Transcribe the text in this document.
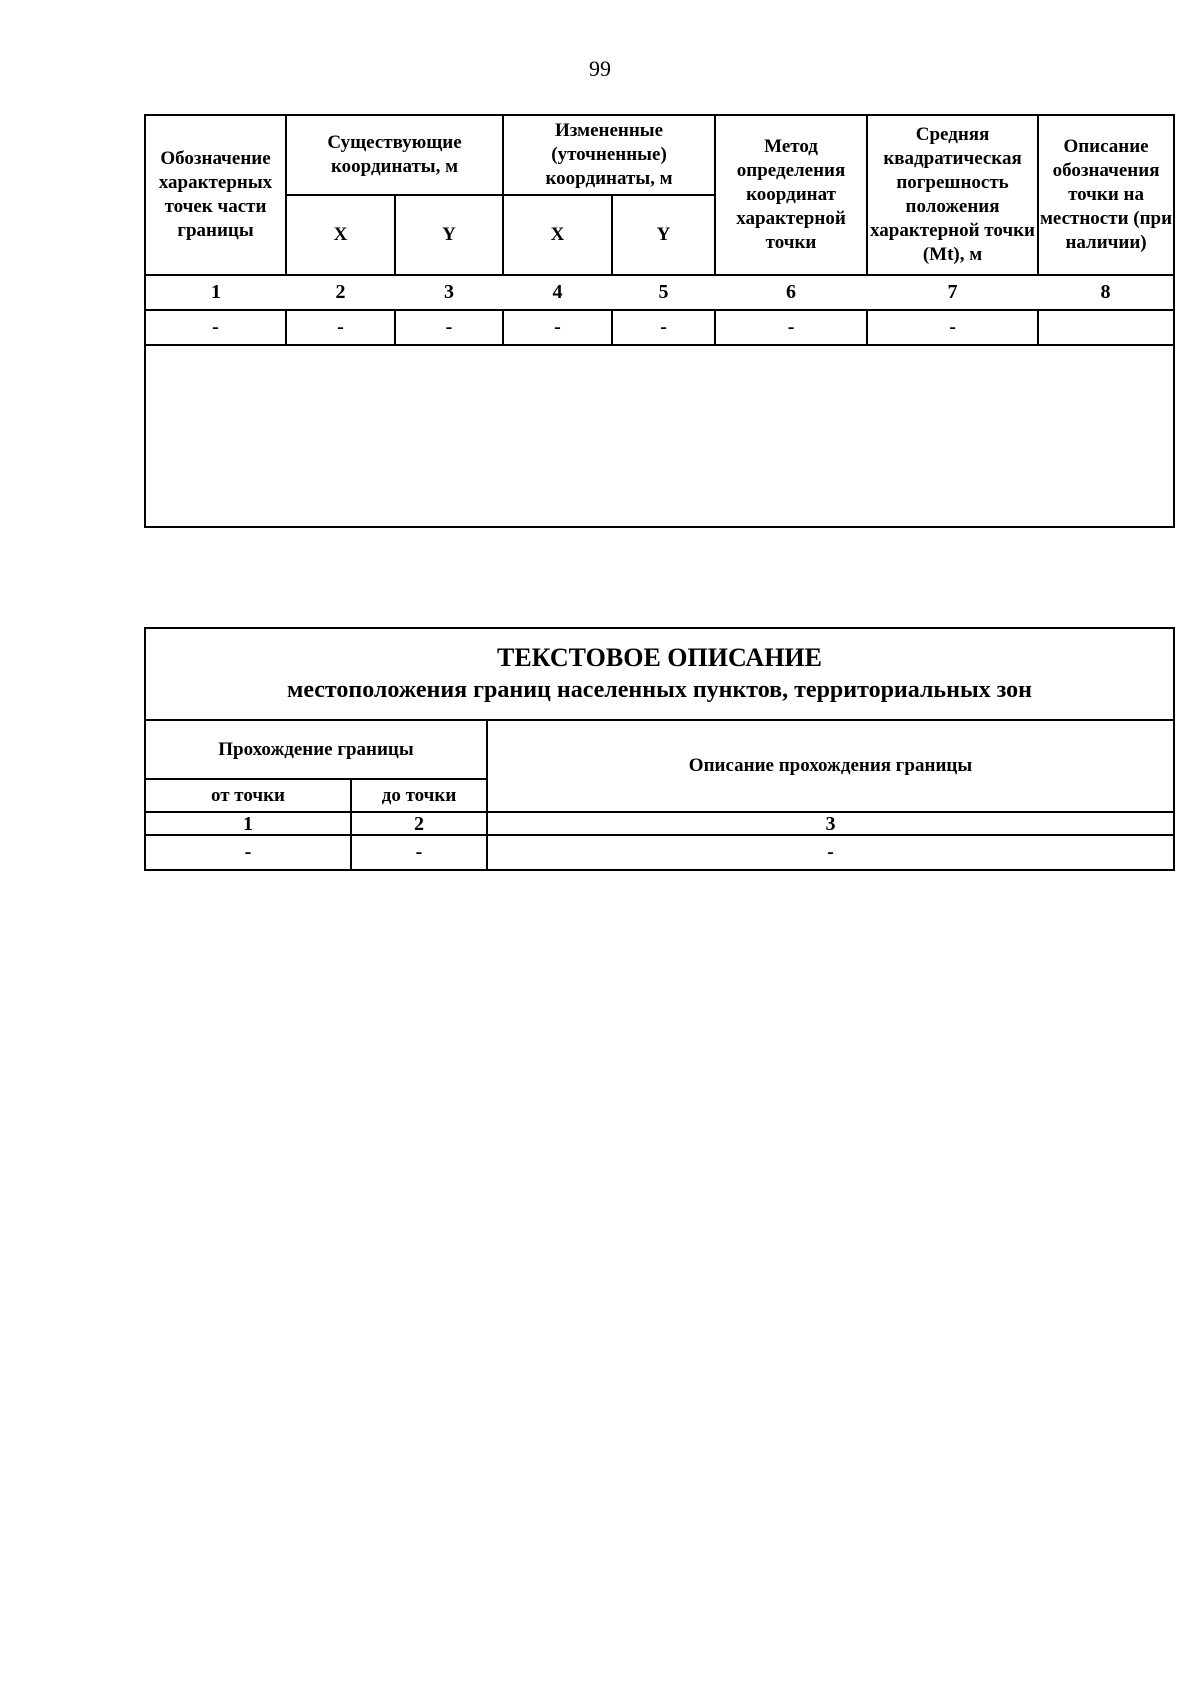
99
Обозначение характерных точек части границы	Существующие координаты, м		Измененные (уточненные) координаты, м		Метод определения координат характерной точки	Средняя квадратическая погрешность положения характерной точки (Mt), м	Описание обозначения точки на местности (при наличии)
	X	Y	X	Y			
1	2	3	4	5	6	7	8
-	-	-	-	-	-	-	

ТЕКСТОВОЕ ОПИСАНИЕ
местоположения границ населенных пунктов, территориальных зон		

Прохождение границы		Описание прохождения границы
от точки	до точки	
1	2	3
-	-	-
